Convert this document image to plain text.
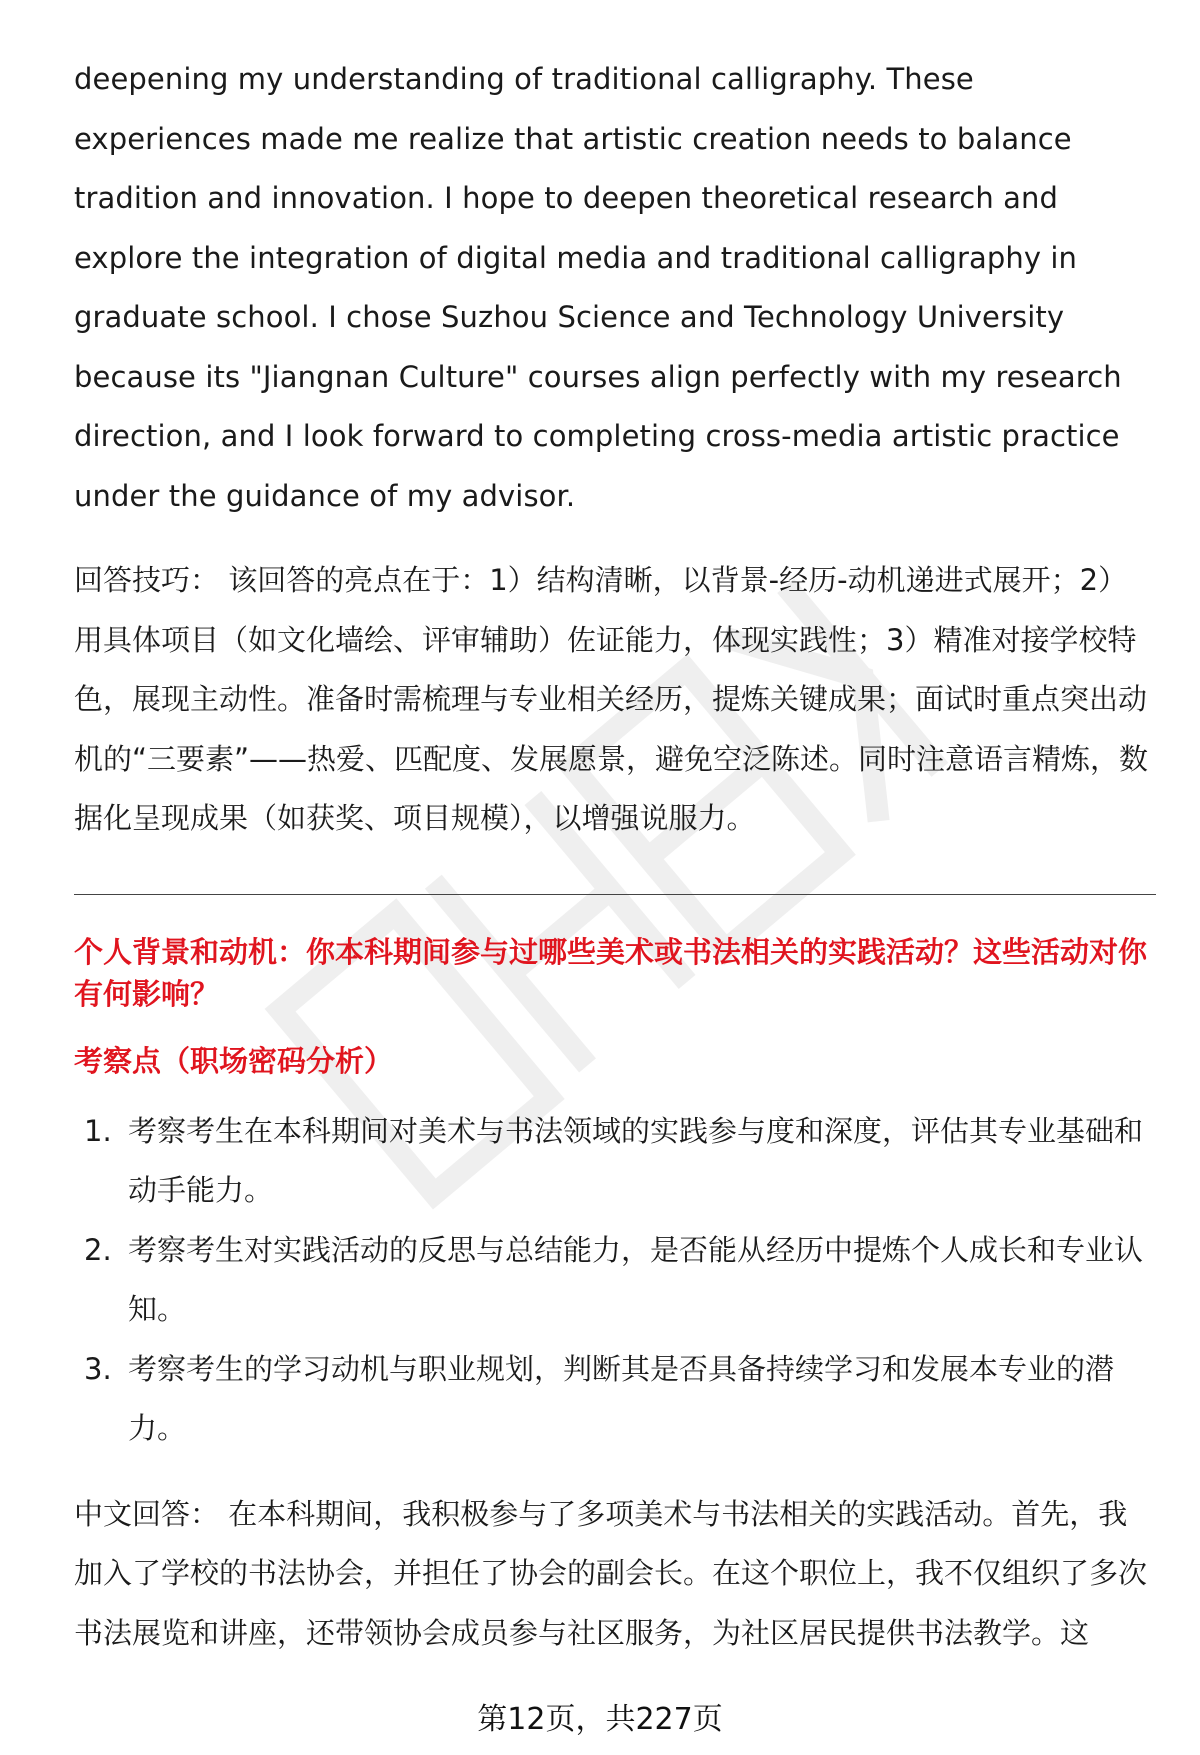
deepening my understanding of traditional calligraphy. These experiences made me realize that artistic creation needs to balance tradition and innovation. I hope to deepen theoretical research and explore the integration of digital media and traditional calligraphy in graduate school. I chose Suzhou Science and Technology University because its "Jiangnan Culture" courses align perfectly with my research direction, and I look forward to completing cross-media artistic practice under the guidance of my advisor.

回答技巧： 该回答的亮点在于：1）结构清晰，以背景-经历-动机递进式展开；2）用具体项目（如文化墙绘、评审辅助）佐证能力，体现实践性；3）精准对接学校特色，展现主动性。准备时需梳理与专业相关经历，提炼关键成果；面试时重点突出动机的“三要素”——热爱、匹配度、发展愿景，避免空泛陈述。同时注意语言精炼，数据化呈现成果（如获奖、项目规模），以增强说服力。
个人背景和动机：你本科期间参与过哪些美术或书法相关的实践活动？这些活动对你有何影响？
考察点（职场密码分析）
1. 考察考生在本科期间对美术与书法领域的实践参与度和深度，评估其专业基础和动手能力。
2. 考察考生对实践活动的反思与总结能力，是否能从经历中提炼个人成长和专业认知。
3. 考察考生的学习动机与职业规划，判断其是否具备持续学习和发展本专业的潜力。
中文回答： 在本科期间，我积极参与了多项美术与书法相关的实践活动。首先，我加入了学校的书法协会，并担任了协会的副会长。在这个职位上，我不仅组织了多次书法展览和讲座，还带领协会成员参与社区服务，为社区居民提供书法教学。这
第12页，共227页
